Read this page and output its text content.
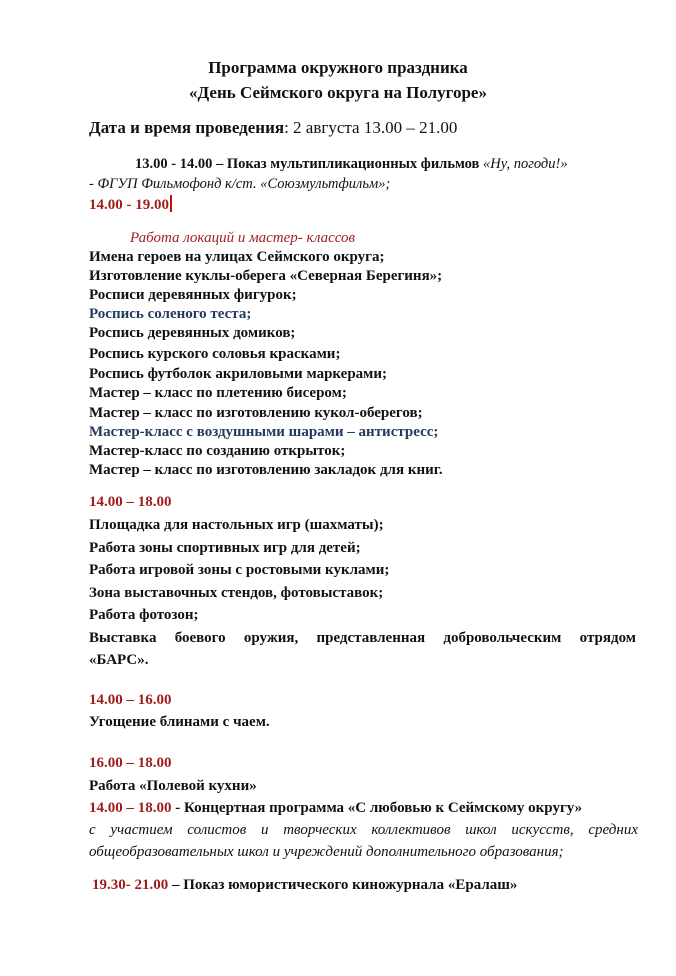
Программа окружного праздника
«День Сеймского округа на Полугоре»
Дата и время проведения: 2 августа 13.00 – 21.00
13.00 - 14.00 – Показ мультипликационных фильмов «Ну, погоди!»
- ФГУП Фильмофонд к/ст. «Союзмультфильм»;
14.00 - 19.00
Работа локаций и мастер- классов
Имена героев на улицах Сеймского округа;
Изготовление куклы-оберега «Северная Берегиня»;
Росписи деревянных фигурок;
Роспись соленого теста;
Роспись деревянных домиков;
Роспись курского соловья красками;
Роспись футболок акриловыми маркерами;
Мастер – класс по плетению бисером;
Мастер – класс по изготовлению кукол-оберегов;
Мастер-класс с воздушными шарами – антистресс;
Мастер-класс по созданию открыток;
Мастер – класс по изготовлению закладок для книг.
14.00 – 18.00
Площадка для настольных игр (шахматы);
Работа зоны спортивных игр для детей;
Работа игровой зоны с ростовыми куклами;
Зона выставочных стендов, фотовыставок;
Работа фотозон;
Выставка боевого оружия, представленная добровольческим отрядом
«БАРС».
14.00 – 16.00
Угощение блинами с чаем.
16.00 – 18.00
Работа «Полевой кухни»
14.00 – 18.00 - Концертная программа «С любовью к Сеймскому округу»
с участием солистов и творческих коллективов школ искусств, средних
общеобразовательных школ и учреждений дополнительного образования;
19.30- 21.00 – Показ юмористического киножурнала «Ералаш»
